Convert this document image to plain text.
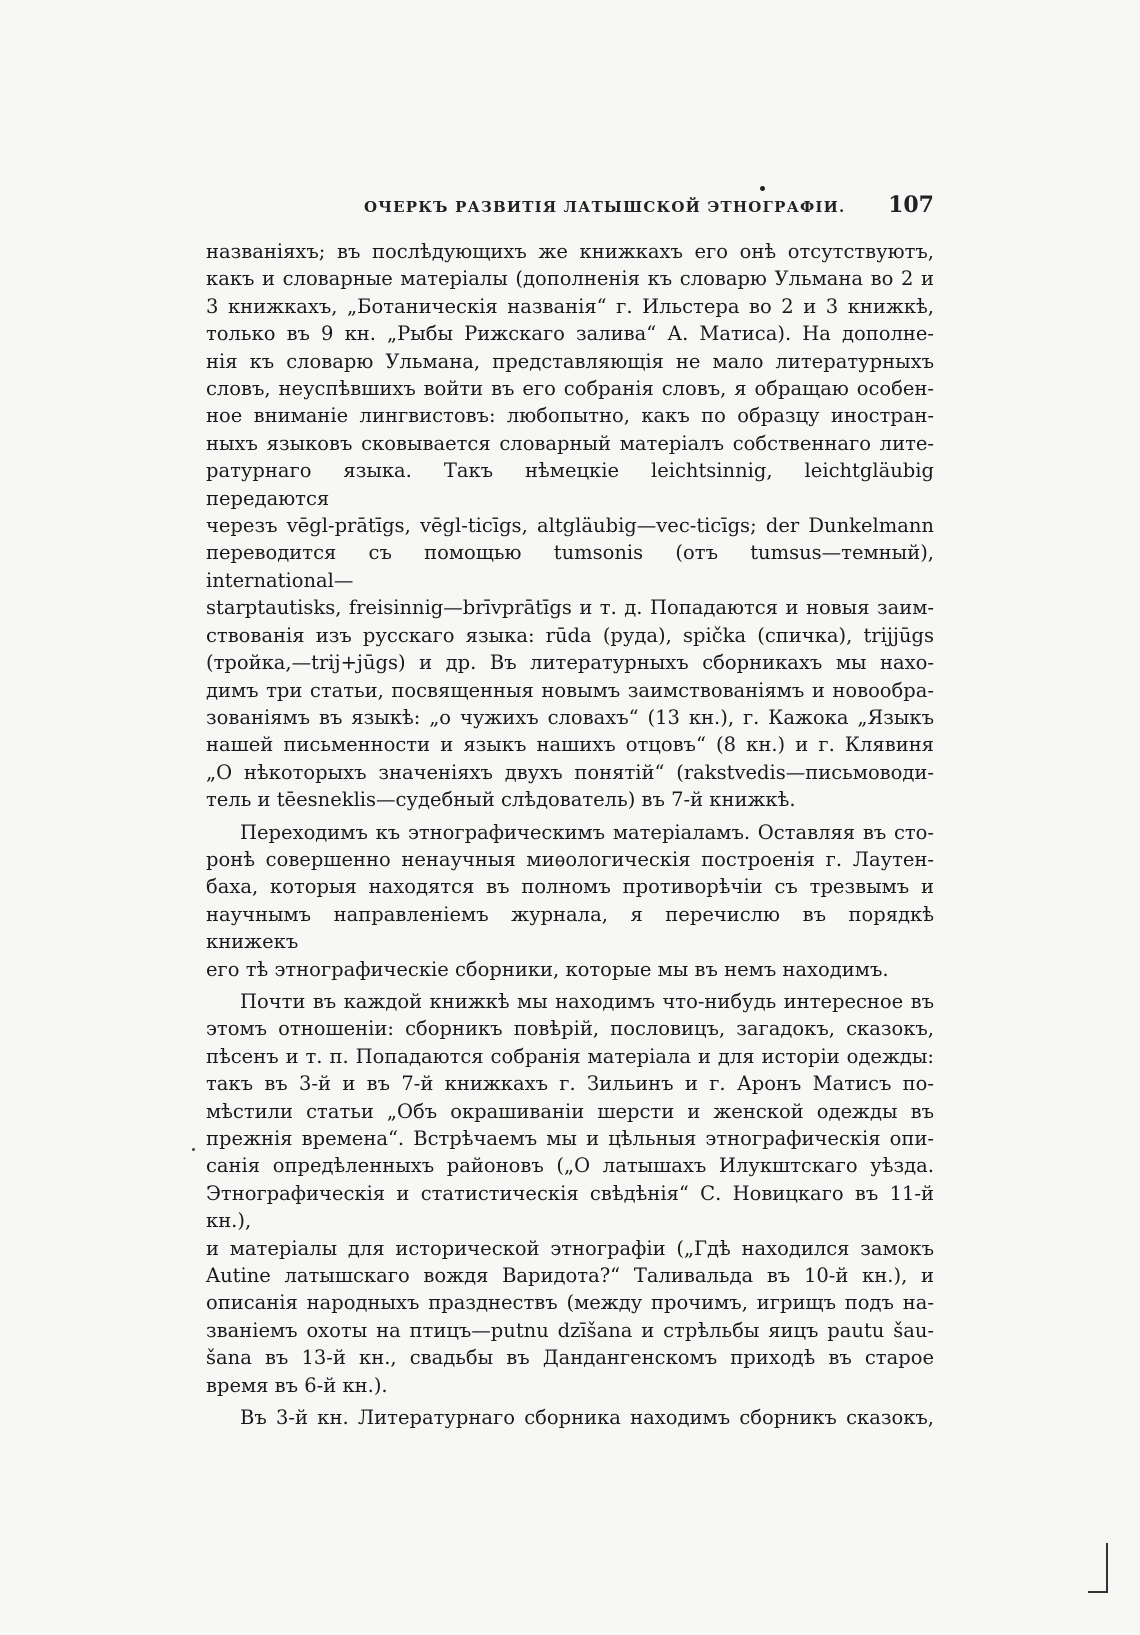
ОЧЕРКЪ РАЗВИТІЯ ЛАТЫШСКОЙ ЭТНОГРАФІИ. 107
названіяхъ; въ послѣдующихъ же книжкахъ его онѣ отсутствуютъ,
какъ и словарные матеріалы (дополненія къ словарю Ульмана во 2 и
3 книжкахъ, „Ботаническія названія“ г. Ильстера во 2 и 3 книжкѣ,
только въ 9 кн. „Рыбы Рижскаго залива“ А. Матиса). На дополне-
нія къ словарю Ульмана, представляющія не мало литературныхъ
словъ, неуспѣвшихъ войти въ его собранія словъ, я обращаю особен-
ное вниманіе лингвистовъ: любопытно, какъ по образцу иностран-
ныхъ языковъ сковывается словарный матеріалъ собственнаго лите-
ратурнаго языка. Такъ нѣмецкіе leichtsinnig, leichtgläubig передаются
черезъ vēgl-prātīgs, vēgl-ticīgs, altgläubig—vec-ticīgs; der Dunkelmann
переводится съ помощью tumsonis (отъ tumsus—темный), international—
starptautisks, freisinnig—brīvprātīgs и т. д. Попадаются и новыя заим-
ствованія изъ русскаго языка: rūda (руда), spička (спичка), trijjūgs
(тройка,—trij+jūgs) и др. Въ литературныхъ сборникахъ мы нахо-
димъ три статьи, посвященныя новымъ заимствованіямъ и новообра-
зованіямъ въ языкѣ: „о чужихъ словахъ“ (13 кн.), г. Кажока „Языкъ
нашей письменности и языкъ нашихъ отцовъ“ (8 кн.) и г. Клявиня
„О нѣкоторыхъ значеніяхъ двухъ понятій“ (rakstvedis—письмоводи-
тель и tēesneklis—судебный слѣдователь) въ 7-й книжкѣ.
Переходимъ къ этнографическимъ матеріаламъ. Оставляя въ сто-
ронѣ совершенно ненаучныя миѳологическія построенія г. Лаутен-
баха, которыя находятся въ полномъ противорѣчіи съ трезвымъ и
научнымъ направленіемъ журнала, я перечислю въ порядкѣ книжекъ
его тѣ этнографическіе сборники, которые мы въ немъ находимъ.
Почти въ каждой книжкѣ мы находимъ что-нибудь интересное въ
этомъ отношеніи: сборникъ повѣрій, пословицъ, загадокъ, сказокъ,
пѣсенъ и т. п. Попадаются собранія матеріала и для исторіи одежды:
такъ въ 3-й и въ 7-й книжкахъ г. Зильинъ и г. Аронъ Матисъ по-
мѣстили статьи „Объ окрашиваніи шерсти и женской одежды въ
прежнія времена“. Встрѣчаемъ мы и цѣльныя этнографическія опи-
санія опредѣленныхъ районовъ („О латышахъ Илукштскаго уѣзда.
Этнографическія и статистическія свѣдѣнія“ С. Новицкаго въ 11-й кн.),
и матеріалы для исторической этнографіи („Гдѣ находился замокъ
Autine латышскаго вождя Варидота?“ Таливальда въ 10-й кн.), и
описанія народныхъ празднествъ (между прочимъ, игрищъ подъ на-
званіемъ охоты на птицъ—putnu dzīšana и стрѣльбы яицъ pautu šau-
šana въ 13-й кн., свадьбы въ Дандангенскомъ приходѣ въ старое
время въ 6-й кн.).
Въ 3-й кн. Литературнаго сборника находимъ сборникъ сказокъ,
